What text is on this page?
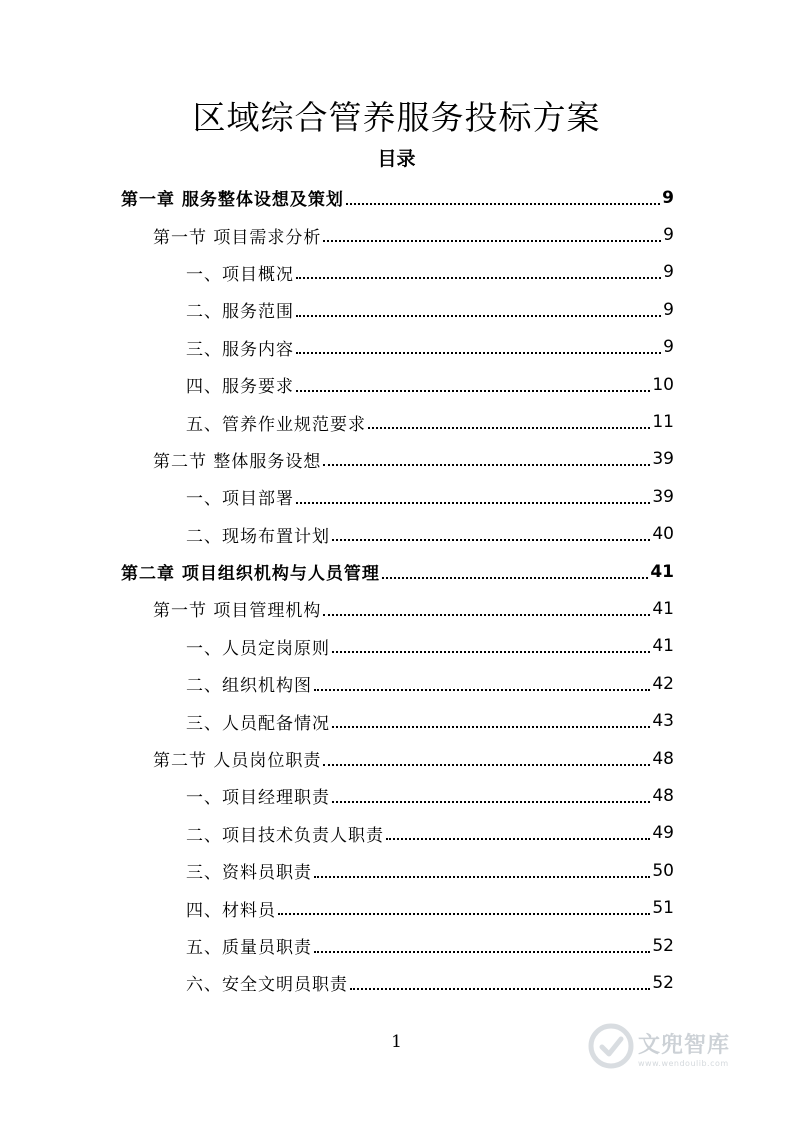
区域综合管养服务投标方案
目录
第一章 服务整体设想及策划	9
第一节 项目需求分析	9
一、项目概况	9
二、服务范围	9
三、服务内容	9
四、服务要求	10
五、管养作业规范要求	11
第二节 整体服务设想	39
一、项目部署	39
二、现场布置计划	40
第二章 项目组织机构与人员管理	41
第一节 项目管理机构	41
一、人员定岗原则	41
二、组织机构图	42
三、人员配备情况	43
第二节 人员岗位职责	48
一、项目经理职责	48
二、项目技术负责人职责	49
三、资料员职责	50
四、材料员	51
五、质量员职责	52
六、安全文明员职责	52
1	文兜智库
www.wendoulib.com
